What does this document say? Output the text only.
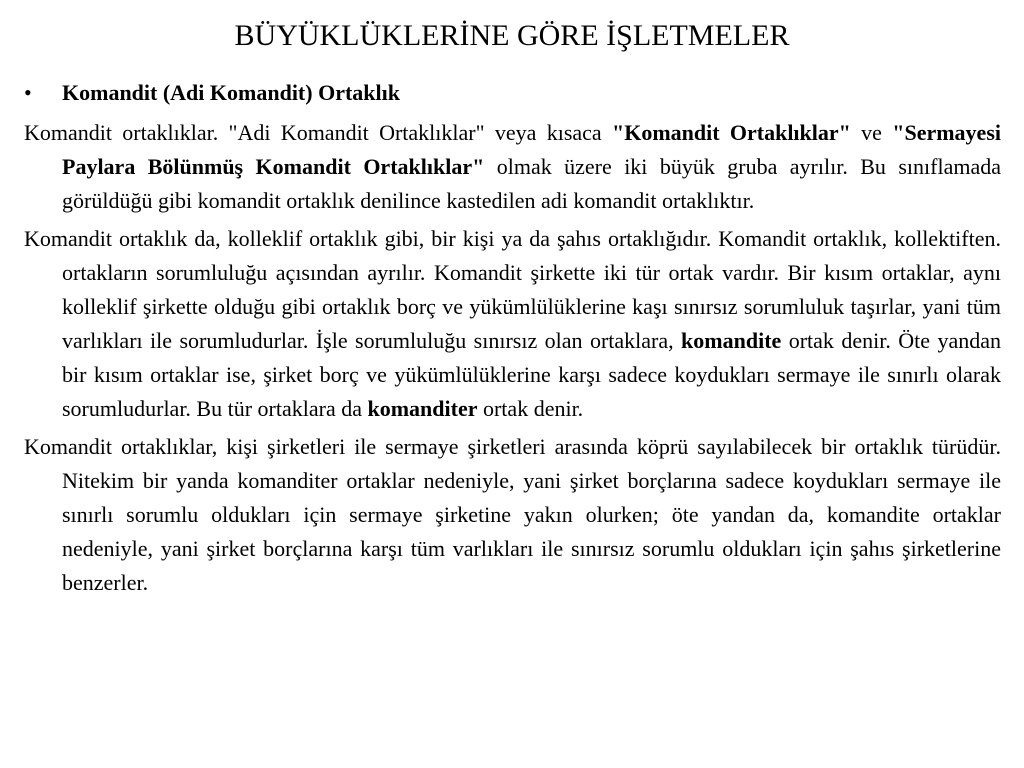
BÜYÜKLÜKLERİNE GÖRE İŞLETMELER
• Komandit (Adi Komandit) Ortaklık

Komandit ortaklıklar. "Adi Komandit Ortaklıklar" veya kısaca "Komandit Ortaklıklar" ve "Sermayesi Paylara Bölünmüş Komandit Ortaklıklar" olmak üzere iki büyük gruba ayrılır. Bu sınıflamada görüldüğü gibi komandit ortaklık denilince kastedilen adi komandit ortaklıktır.

Komandit ortaklık da, kolleklif ortaklık gibi, bir kişi ya da şahıs ortaklığıdır. Komandit ortaklık, kollektiften. ortakların sorumluluğu açısından ayrılır. Komandit şirkette iki tür ortak vardır. Bir kısım ortaklar, aynı kolleklif şirkette olduğu gibi ortaklık borç ve yükümlülüklerine kaşı sınırsız sorumluluk taşırlar, yani tüm varlıkları ile sorumludurlar. İşle sorumluluğu sınırsız olan ortaklara, komandite ortak denir. Öte yandan bir kısım ortaklar ise, şirket borç ve yükümlülüklerine karşı sadece koydukları sermaye ile sınırlı olarak sorumludurlar. Bu tür ortaklara da komanditer ortak denir.

Komandit ortaklıklar, kişi şirketleri ile sermaye şirketleri arasında köprü sayılabilecek bir ortaklık türüdür. Nitekim bir yanda komanditer ortaklar nedeniyle, yani şirket borçlarına sadece koydukları sermaye ile sınırlı sorumlu oldukları için sermaye şirketine yakın olurken; öte yandan da, komandite ortaklar nedeniyle, yani şirket borçlarına karşı tüm varlıkları ile sınırsız sorumlu oldukları için şahıs şirketlerine benzerler.
